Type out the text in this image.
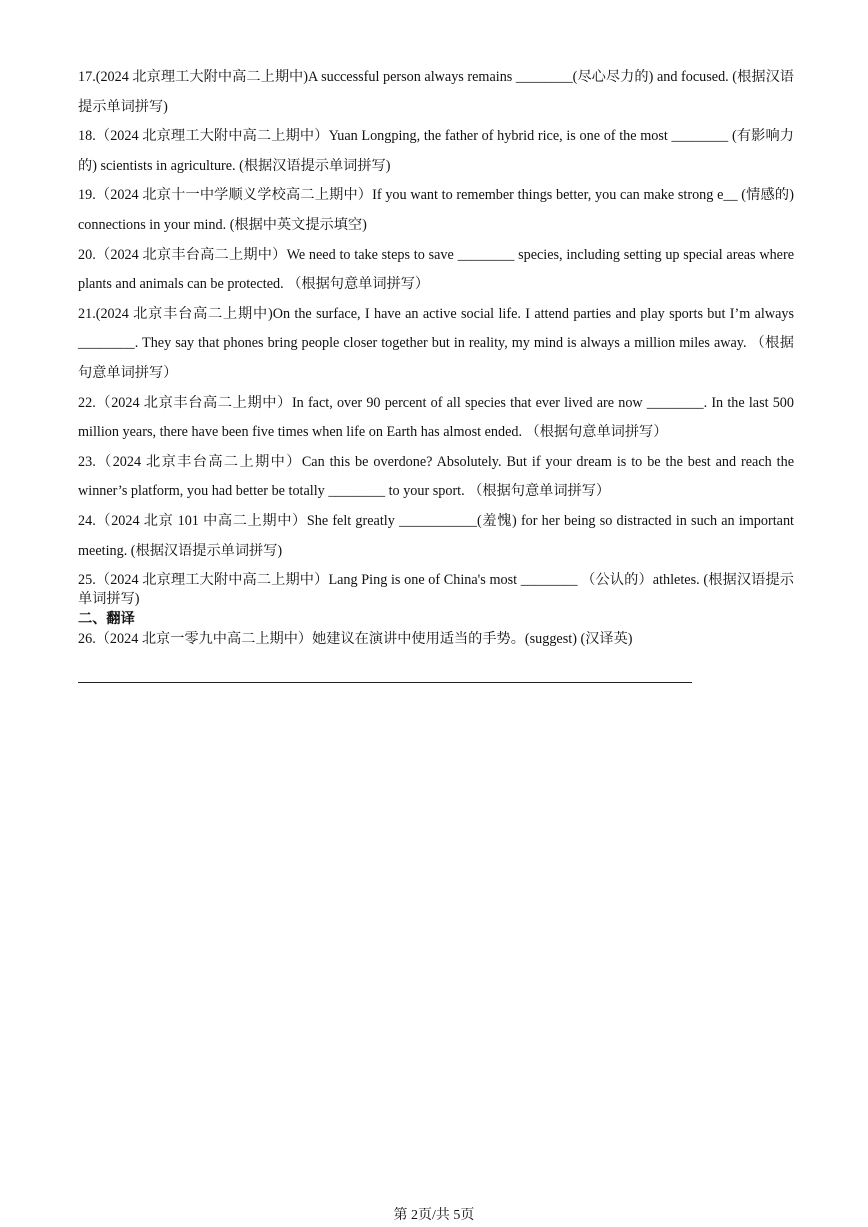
17.(2024 北京理工大附中高二上期中)A successful person always remains ________(尽心尽力的) and focused. (根据汉语提示单词拼写)

18.（2024 北京理工大附中高二上期中）Yuan Longping, the father of hybrid rice, is one of the most ________ (有影响力的) scientists in agriculture. (根据汉语提示单词拼写)

19.（2024 北京十一中学顺义学校高二上期中）If you want to remember things better, you can make strong e__ (情感的) connections in your mind. (根据中英文提示填空)

20.（2024 北京丰台高二上期中）We need to take steps to save ________ species, including setting up special areas where plants and animals can be protected. （根据句意单词拼写）

21.(2024 北京丰台高二上期中)On the surface, I have an active social life. I attend parties and play sports but I’m always ________. They say that phones bring people closer together but in reality, my mind is always a million miles away. （根据句意单词拼写）

22.（2024 北京丰台高二上期中）In fact, over 90 percent of all species that ever lived are now ________. In the last 500 million years, there have been five times when life on Earth has almost ended. （根据句意单词拼写）

23.（2024 北京丰台高二上期中）Can this be overdone? Absolutely. But if your dream is to be the best and reach the winner’s platform, you had better be totally ________ to your sport. （根据句意单词拼写）

24.（2024 北京 101 中高二上期中）She felt greatly ___________(羞愧) for her being so distracted in such an important meeting. (根据汉语提示单词拼写)

25.（2024 北京理工大附中高二上期中）Lang Ping is one of China's most ________ （公认的）athletes. (根据汉语提示单词拼写)

二、翻译

26.（2024 北京一零九中高二上期中）她建议在演讲中使用适当的手势。(suggest) (汉译英)

第 2页/共 5页
